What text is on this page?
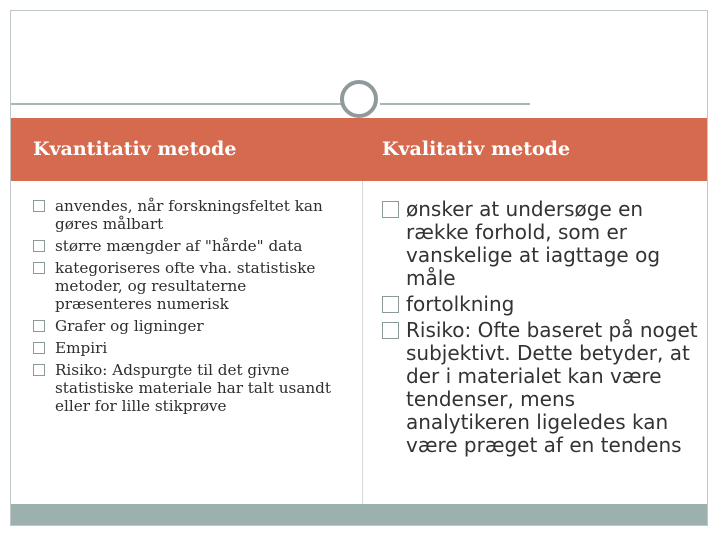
Kvantitativ metode	Kvalitativ metode
anvendes, når forskningsfeltet kan gøres målbart
større mængder af "hårde" data
kategoriseres ofte vha. statistiske metoder, og resultaterne præsenteres numerisk
Grafer og ligninger
Empiri
Risiko: Adspurgte til det givne statistiske materiale har talt usandt eller for lille stikprøve
ønsker at undersøge en række forhold, som er vanskelige at iagttage og måle
fortolkning
Risiko: Ofte baseret på noget subjektivt. Dette betyder, at der i materialet kan være tendenser, mens analytikeren ligeledes kan være præget af en tendens
